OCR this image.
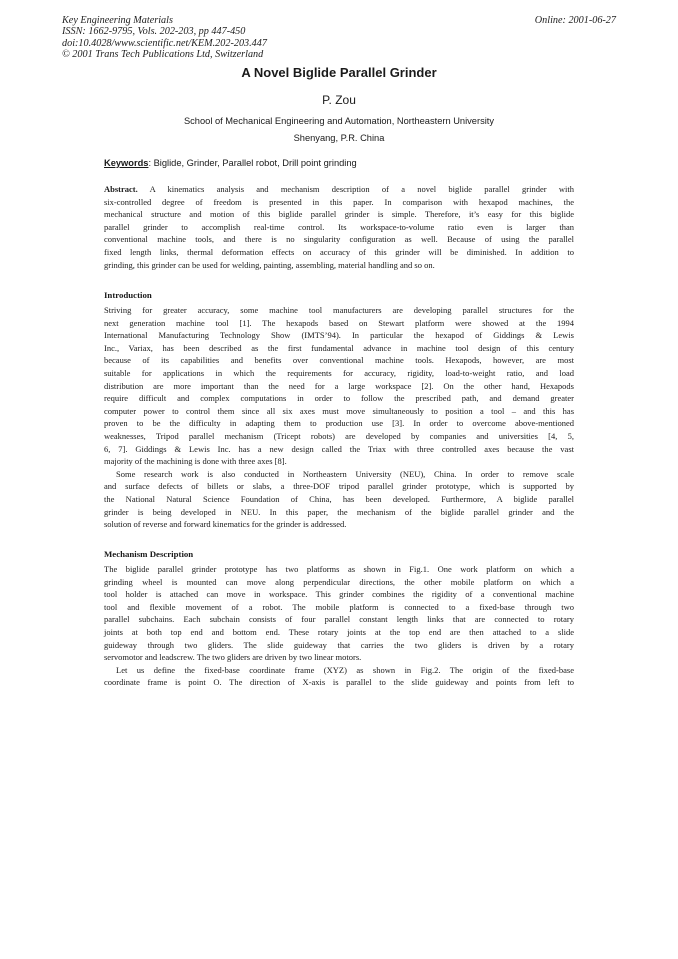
Key Engineering Materials
ISSN: 1662-9795, Vols. 202-203, pp 447-450
doi:10.4028/www.scientific.net/KEM.202-203.447
© 2001 Trans Tech Publications Ltd, Switzerland
Online: 2001-06-27
A Novel Biglide Parallel Grinder
P. Zou
School of Mechanical Engineering and Automation, Northeastern University
Shenyang, P.R. China
Keywords: Biglide, Grinder, Parallel robot, Drill point grinding
Abstract. A kinematics analysis and mechanism description of a novel biglide parallel grinder with
six-controlled degree of freedom is presented in this paper. In comparison with hexapod machines, the
mechanical structure and motion of this biglide parallel grinder is simple. Therefore, it’s easy for this biglide
parallel grinder to accomplish real-time control. Its workspace-to-volume ratio even is larger than
conventional machine tools, and there is no singularity configuration as well. Because of using the parallel
fixed length links, thermal deformation effects on accuracy of this grinder will be diminished. In addition to
grinding, this grinder can be used for welding, painting, assembling, material handling and so on.
Introduction
Striving for greater accuracy, some machine tool manufacturers are developing parallel structures for the
next generation machine tool [1]. The hexapods based on Stewart platform were showed at the 1994
International Manufacturing Technology Show (IMTS’94). In particular the hexapod of Giddings & Lewis
Inc., Variax, has been described as the first fundamental advance in machine tool design of this century
because of its capabilities and benefits over conventional machine tools. Hexapods, however, are most
suitable for applications in which the requirements for accuracy, rigidity, load-to-weight ratio, and load
distribution are more important than the need for a large workspace [2]. On the other hand, Hexapods
require difficult and complex computations in order to follow the prescribed path, and demand greater
computer power to control them since all six axes must move simultaneously to position a tool – and this has
proven to be the difficulty in adapting them to production use [3]. In order to overcome above-mentioned
weaknesses, Tripod parallel mechanism (Tricept robots) are developed by companies and universities [4, 5,
6, 7]. Giddings & Lewis Inc. has a new design called the Triax with three controlled axes because the vast
majority of the machining is done with three axes [8].
Some research work is also conducted in Northeastern University (NEU), China. In order to remove scale
and surface defects of billets or slabs, a three-DOF tripod parallel grinder prototype, which is supported by
the National Natural Science Foundation of China, has been developed. Furthermore, A biglide parallel
grinder is being developed in NEU. In this paper, the mechanism of the biglide parallel grinder and the
solution of reverse and forward kinematics for the grinder is addressed.
Mechanism Description
The biglide parallel grinder prototype has two platforms as shown in Fig.1. One work platform on which a
grinding wheel is mounted can move along perpendicular directions, the other mobile platform on which a
tool holder is attached can move in workspace. This grinder combines the rigidity of a conventional machine
tool and flexible movement of a robot. The mobile platform is connected to a fixed-base through two
parallel subchains. Each subchain consists of four parallel constant length links that are connected to rotary
joints at both top end and bottom end. These rotary joints at the top end are then attached to a slide
guideway through two gliders. The slide guideway that carries the two gliders is driven by a rotary
servomotor and leadscrew. The two gliders are driven by two linear motors.
Let us define the fixed-base coordinate frame (XYZ) as shown in Fig.2. The origin of the fixed-base
coordinate frame is point O. The direction of X-axis is parallel to the slide guideway and points from left to
